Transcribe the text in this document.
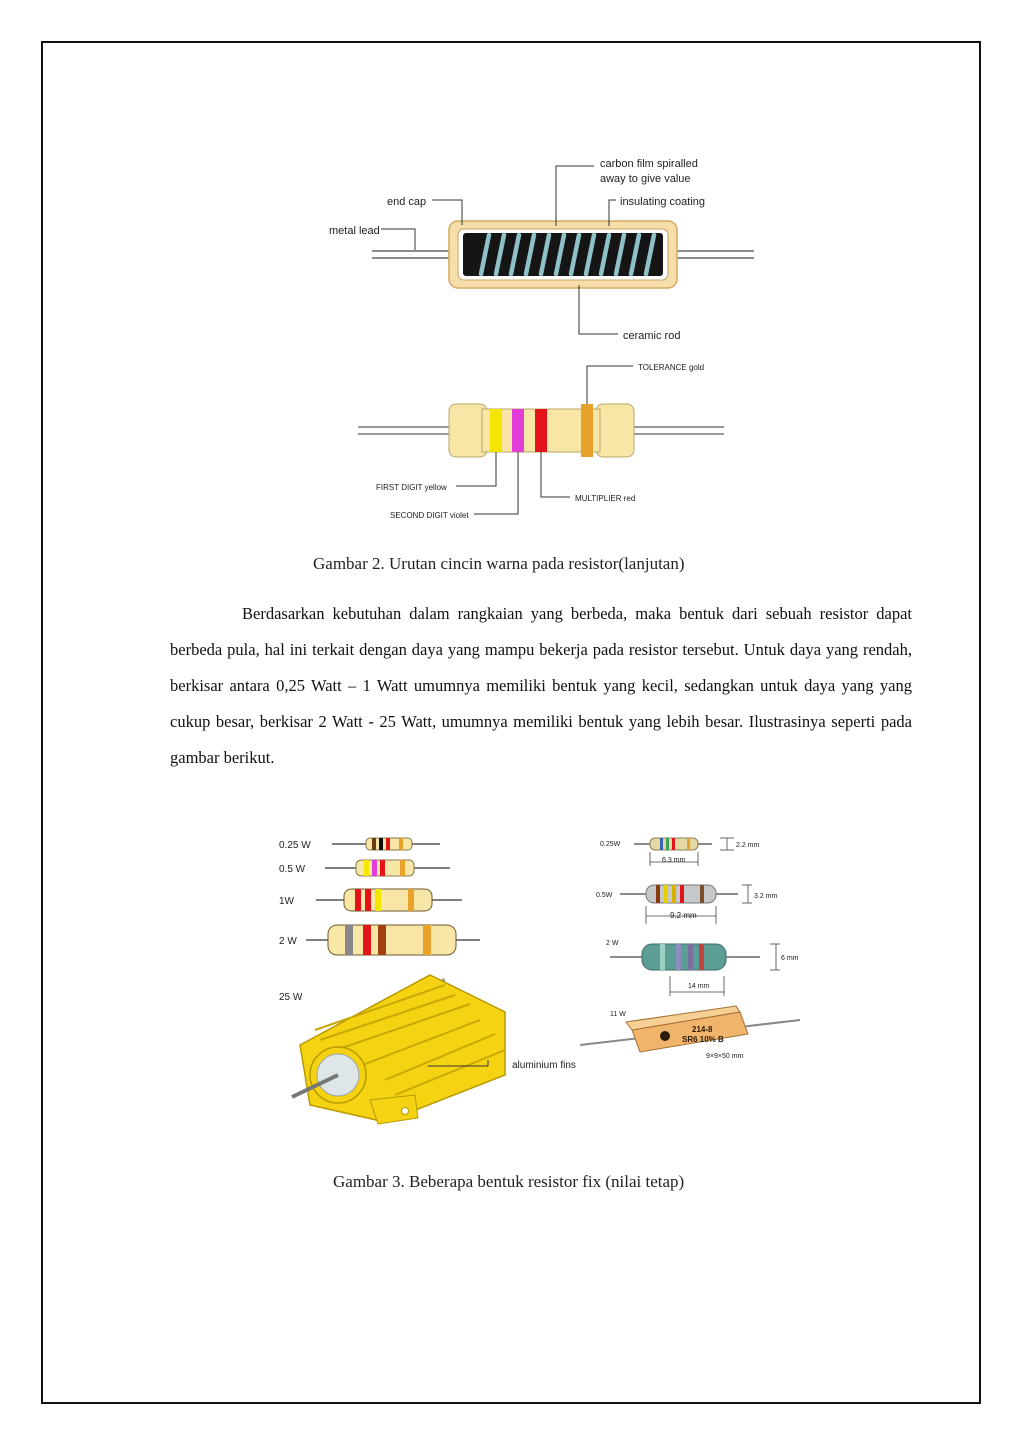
carbon film spiralled
away to give value
end cap	insulating coating
metal lead
ceramic rod
TOLERANCE gold
FIRST DIGIT yellow
SECOND DIGIT violet
MULTIPLIER red
0.25 W
0.5 W
1W
2 W
25 W
aluminium fins
0.25W
6.3 mm
2.2 mm
0.5W
9.2 mm
3.2 mm
2 W
14 mm
6 mm
11 W
214-8
SR6 10% B
9×9×50 mm
Gambar 2. Urutan cincin warna pada resistor(lanjutan)

Berdasarkan kebutuhan dalam rangkaian yang berbeda, maka bentuk dari sebuah resistor dapat berbeda pula, hal ini terkait dengan daya yang mampu bekerja pada resistor tersebut. Untuk daya yang rendah, berkisar antara 0,25 Watt – 1 Watt umumnya memiliki bentuk yang kecil, sedangkan untuk daya yang yang cukup besar, berkisar 2 Watt - 25 Watt, umumnya memiliki bentuk yang lebih besar. Ilustrasinya seperti pada gambar berikut.

Gambar 3. Beberapa bentuk resistor fix (nilai tetap)
